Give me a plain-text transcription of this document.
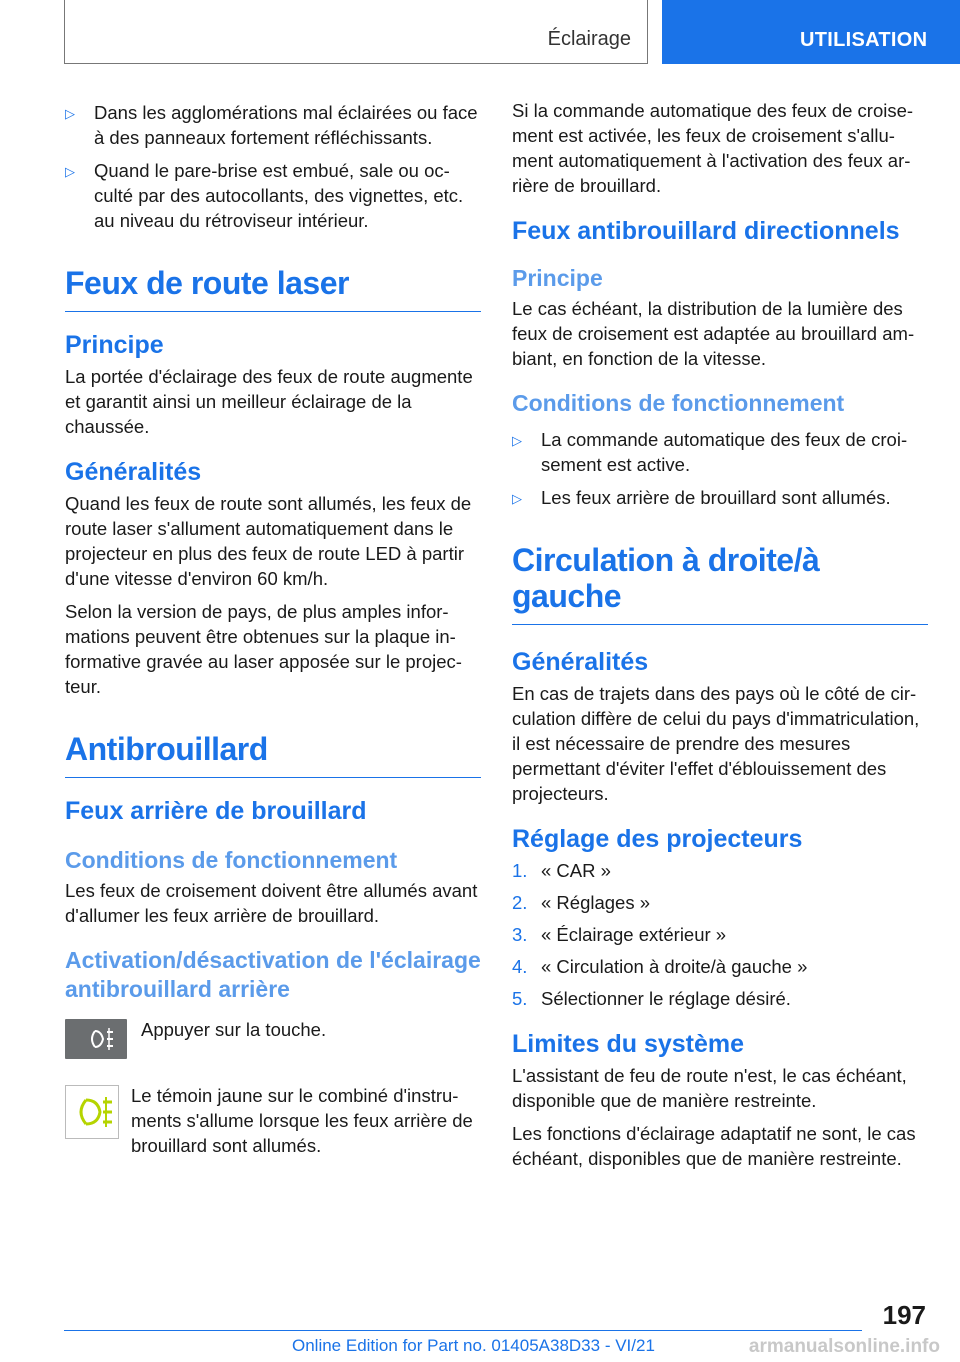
Éclairage	UTILISATION
▷ Dans les agglomérations mal éclairées ou face à des panneaux fortement réfléchissants.
▷ Quand le pare-brise est embué, sale ou occulté par des autocollants, des vignettes, etc. au niveau du rétroviseur intérieur.
Feux de route laser
Principe

La portée d'éclairage des feux de route augmente et garantit ainsi un meilleur éclairage de la chaussée.

Généralités

Quand les feux de route sont allumés, les feux de route laser s'allument automatiquement dans le projecteur en plus des feux de route LED à partir d'une vitesse d'environ 60 km/h.

Selon la version de pays, de plus amples informations peuvent être obtenues sur la plaque informative gravée au laser apposée sur le projecteur.

Antibrouillard
Feux arrière de brouillard
Conditions de fonctionnement

Les feux de croisement doivent être allumés avant d'allumer les feux arrière de brouillard.

Activation/désactivation de l'éclairage antibrouillard arrière
Appuyer sur la touche.
Le témoin jaune sur le combiné d'instruments s'allume lorsque les feux arrière de brouillard sont allumés.

Si la commande automatique des feux de croisement est activée, les feux de croisement s'allument automatiquement à l'activation des feux arrière de brouillard.

Feux antibrouillard directionnels
Principe

Le cas échéant, la distribution de la lumière des feux de croisement est adaptée au brouillard ambiant, en fonction de la vitesse.

Conditions de fonctionnement
▷ La commande automatique des feux de croisement est active.
▷ Les feux arrière de brouillard sont allumés.
Circulation à droite/à gauche
Généralités

En cas de trajets dans des pays où le côté de circulation diffère de celui du pays d'immatriculation, il est nécessaire de prendre des mesures permettant d'éviter l'effet d'éblouissement des projecteurs.

Réglage des projecteurs
1. « CAR »
2. « Réglages »
3. « Éclairage extérieur »
4. « Circulation à droite/à gauche »
5. Sélectionner le réglage désiré.
Limites du système

L'assistant de feu de route n'est, le cas échéant, disponible que de manière restreinte.

Les fonctions d'éclairage adaptatif ne sont, le cas échéant, disponibles que de manière restreinte.

197
Online Edition for Part no. 01405A38D33 - VI/21	armanualsonline.info
